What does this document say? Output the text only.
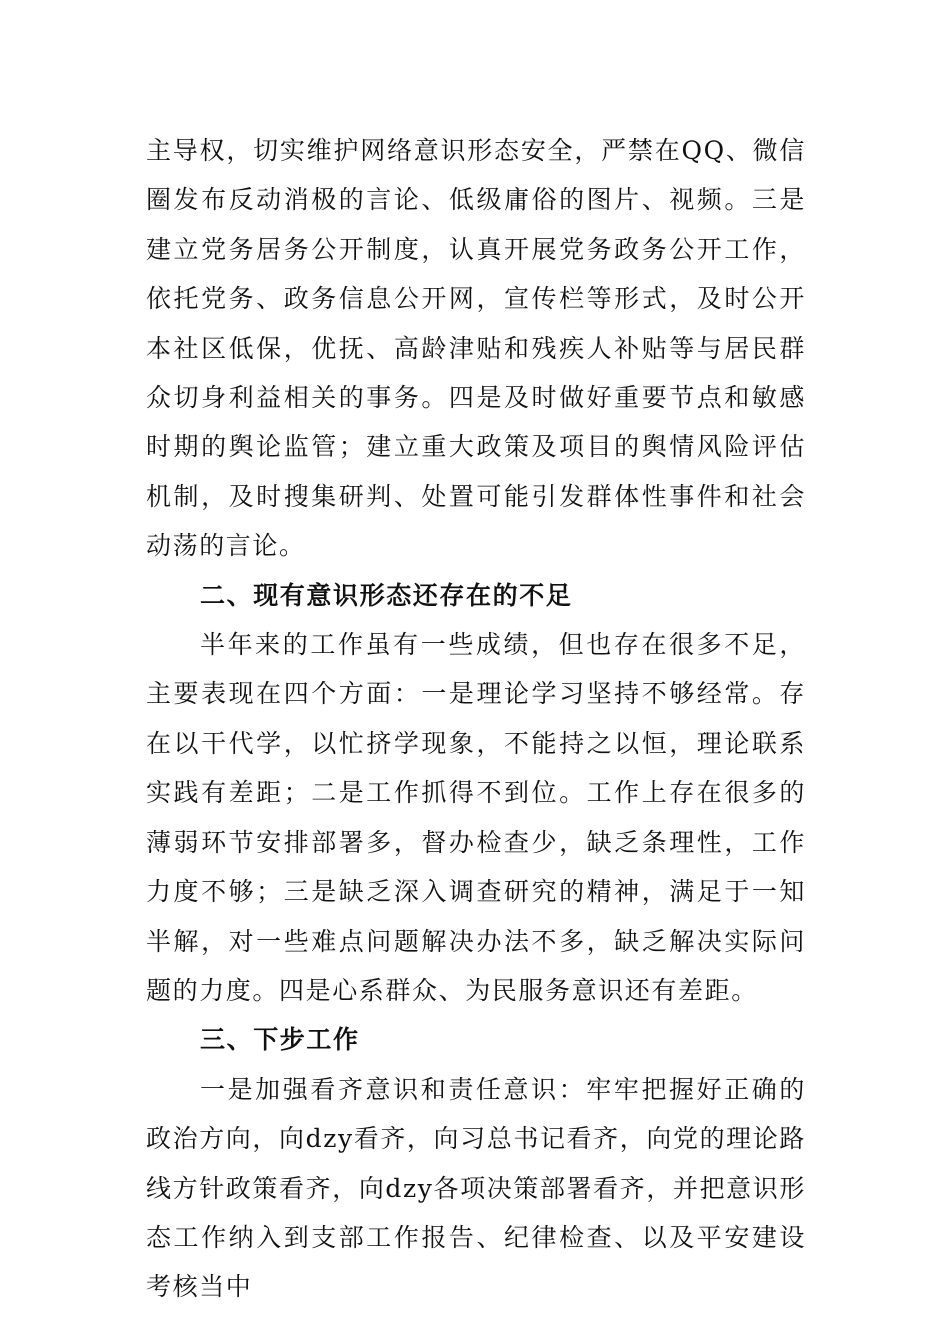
主导权，切实维护网络意识形态安全，严禁在QQ、微信圈发布反动消极的言论、低级庸俗的图片、视频。三是建立党务居务公开制度，认真开展党务政务公开工作，依托党务、政务信息公开网，宣传栏等形式，及时公开本社区低保，优抚、高龄津贴和残疾人补贴等与居民群众切身利益相关的事务。四是及时做好重要节点和敏感时期的舆论监管；建立重大政策及项目的舆情风险评估机制，及时搜集研判、处置可能引发群体性事件和社会动荡的言论。

二、现有意识形态还存在的不足

半年来的工作虽有一些成绩，但也存在很多不足，主要表现在四个方面：一是理论学习坚持不够经常。存在以干代学，以忙挤学现象，不能持之以恒，理论联系实践有差距；二是工作抓得不到位。工作上存在很多的薄弱环节安排部署多，督办检查少，缺乏条理性，工作力度不够；三是缺乏深入调查研究的精神，满足于一知半解，对一些难点问题解决办法不多，缺乏解决实际问题的力度。四是心系群众、为民服务意识还有差距。

三、下步工作

一是加强看齐意识和责任意识：牢牢把握好正确的政治方向，向dzy看齐，向习总书记看齐，向党的理论路线方针政策看齐，向dzy各项决策部署看齐，并把意识形态工作纳入到支部工作报告、纪律检查、以及平安建设考核当中
